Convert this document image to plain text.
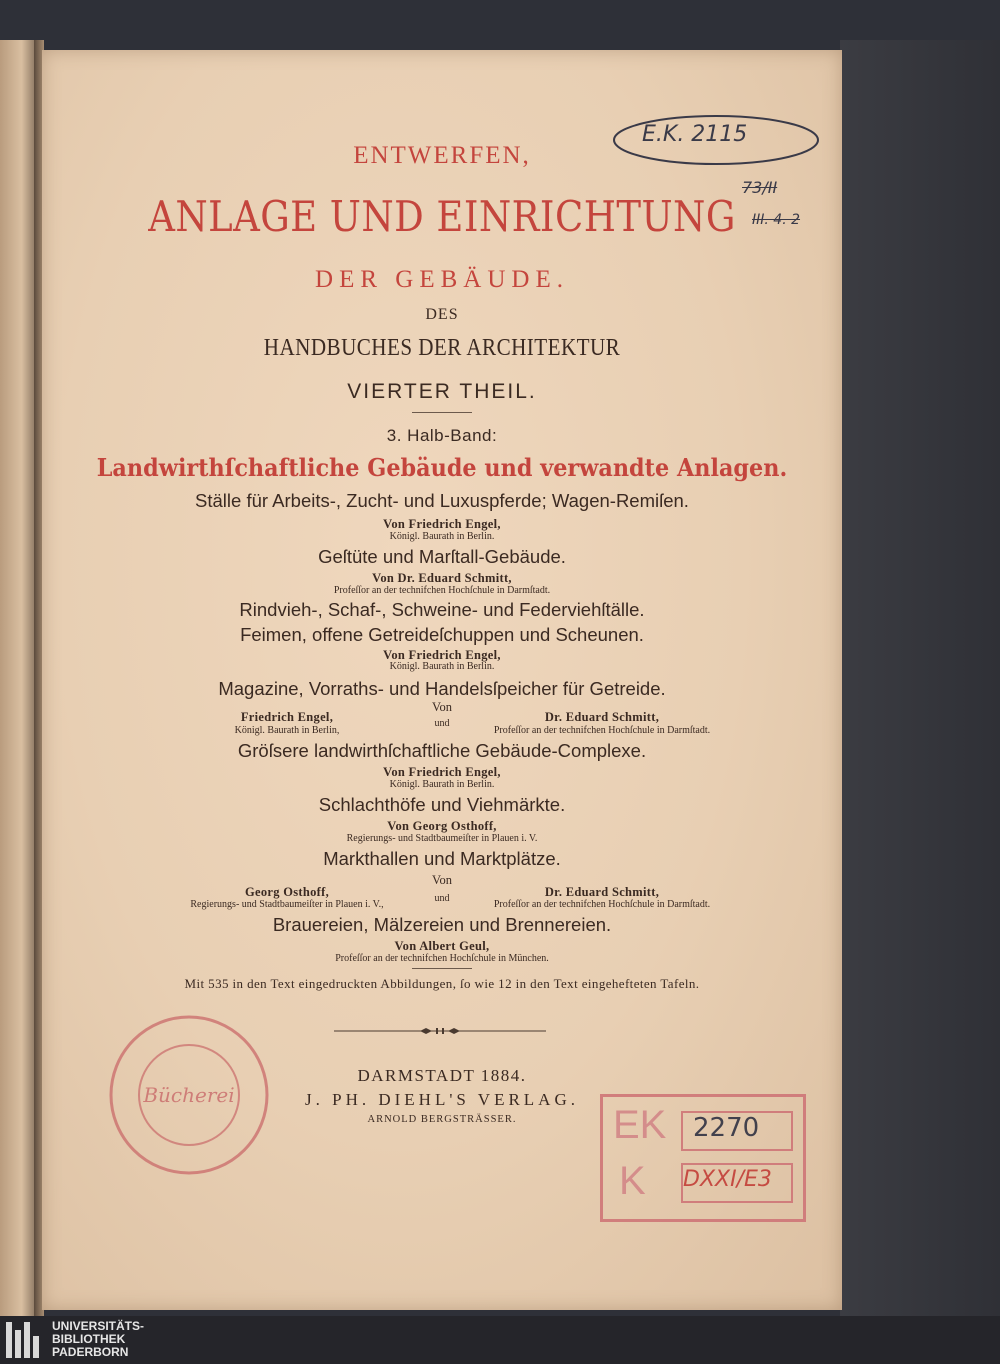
ENTWERFEN,
ANLAGE UND EINRICHTUNG
DER GEBÄUDE.
DES
HANDBUCHES DER ARCHITEKTUR
VIERTER THEIL.
3. Halb-Band:
Landwirthſchaftliche Gebäude und verwandte Anlagen.
Ställe für Arbeits-, Zucht- und Luxuspferde; Wagen-Remiſen.
Von Friedrich Engel,
Königl. Baurath in Berlin.
Geſtüte und Marſtall-Gebäude.
Von Dr. Eduard Schmitt,
Profeſſor an der technifchen Hochſchule in Darmſtadt.
Rindvieh-, Schaf-, Schweine- und Federviehſtälle.
Feimen, offene Getreideſchuppen und Scheunen.
Von Friedrich Engel,
Königl. Baurath in Berlin.
Magazine, Vorraths- und Handelsſpeicher für Getreide.
Von
Friedrich Engel,	und	Dr. Eduard Schmitt,
Königl. Baurath in Berlin,	Profeſſor an der technifchen Hochſchule in Darmſtadt.
Gröſsere landwirthſchaftliche Gebäude-Complexe.
Von Friedrich Engel,
Königl. Baurath in Berlin.
Schlachthöfe und Viehmärkte.
Von Georg Osthoff,
Regierungs- und Stadtbaumeiſter in Plauen i. V.
Markthallen und Marktplätze.
Von
Georg Osthoff,	und	Dr. Eduard Schmitt,
Regierungs- und Stadtbaumeiſter in Plauen i. V.,	Profeſſor an der technifchen Hochſchule in Darmſtadt.
Brauereien, Mälzereien und Brennereien.
Von Albert Geul,
Profeſſor an der technifchen Hochſchule in München.
Mit 535 in den Text eingedruckten Abbildungen, ſo wie 12 in den Text eingehefteten Tafeln.
DARMSTADT 1884.
J. PH. DIEHL'S VERLAG.
ARNOLD BERGSTRÄSSER.
E.K. 2115
73/II
III. 4. 2
Bücherei
EK
K
2270
DXXI/E3
UNIVERSITÄTS-
BIBLIOTHEK
PADERBORN
